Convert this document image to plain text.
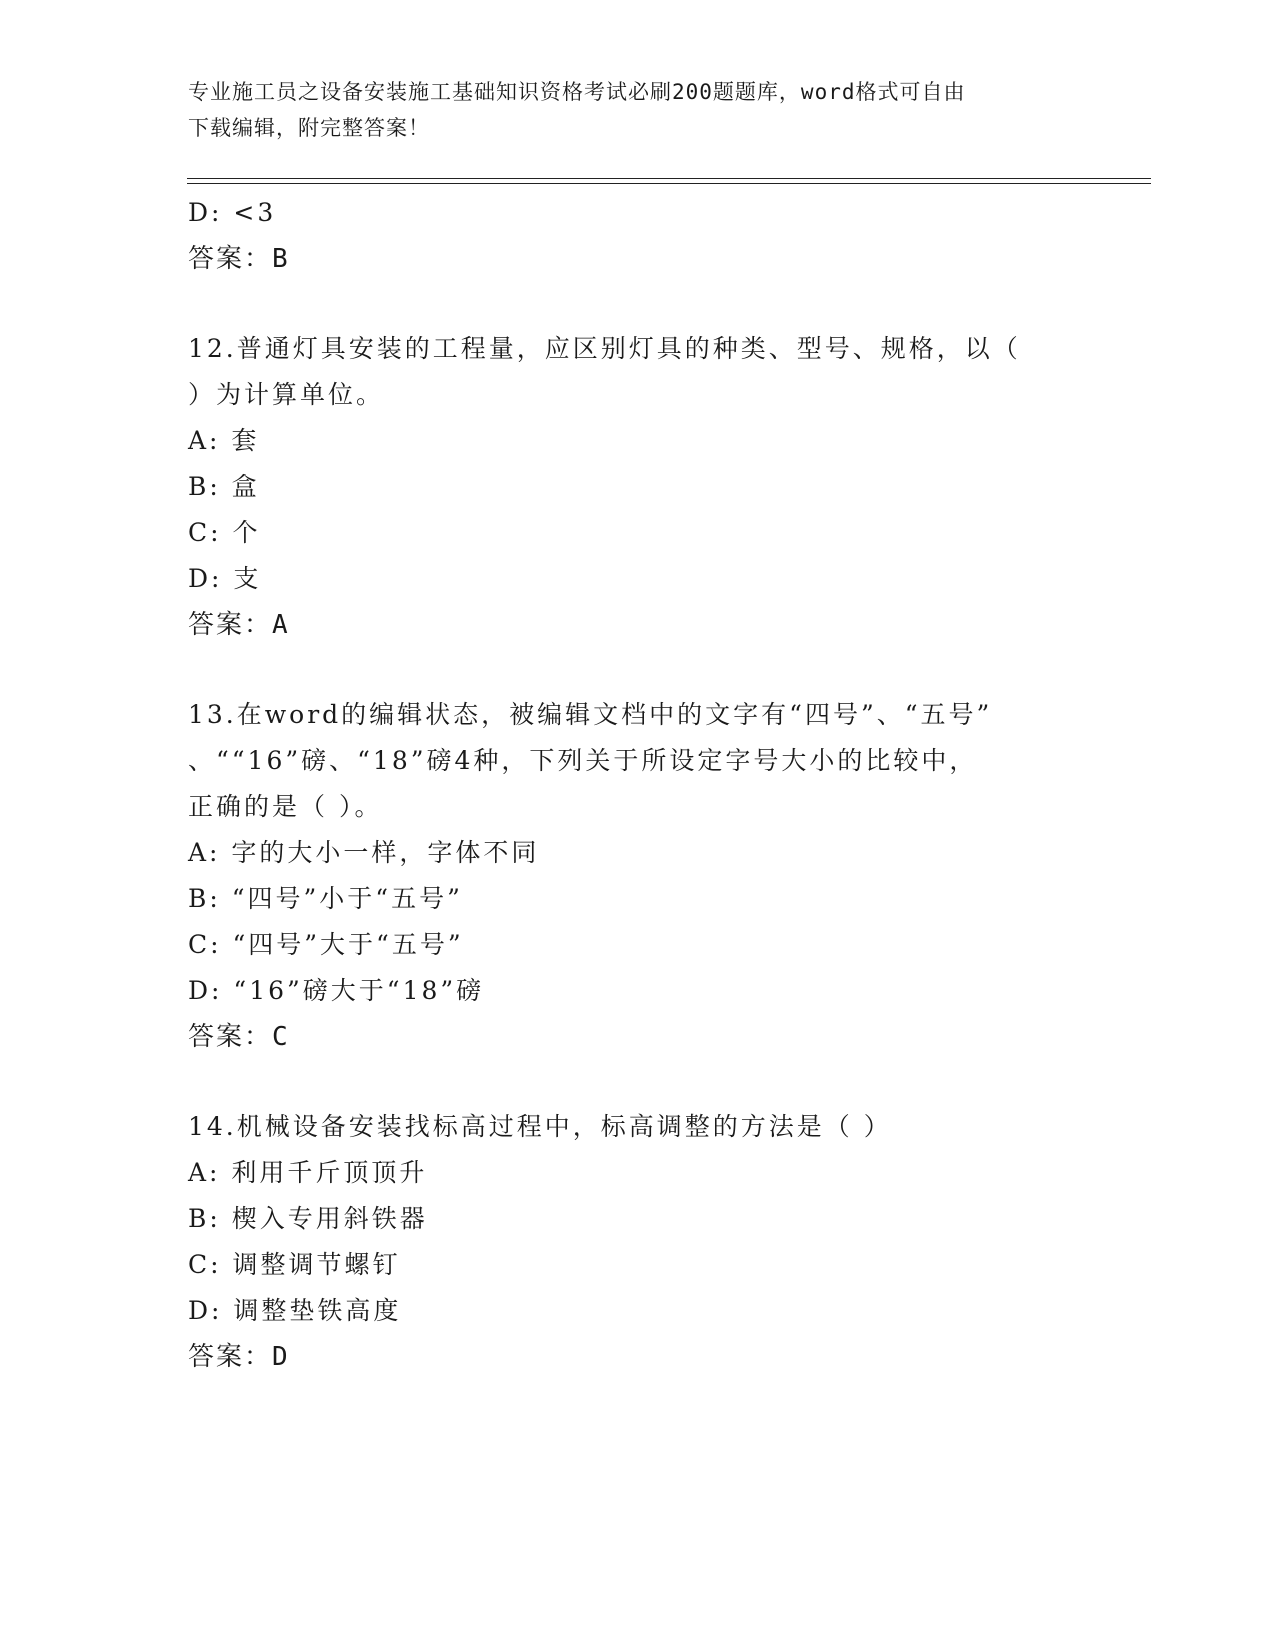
专业施工员之设备安装施工基础知识资格考试必刷200题题库，word格式可自由
下载编辑，附完整答案！
D: <3
答案：B
12.普通灯具安装的工程量，应区别灯具的种类、型号、规格，以（
）为计算单位。
A: 套
B: 盒
C: 个
D: 支
答案：A
13.在word的编辑状态，被编辑文档中的文字有“四号”、“五号”
、““16”磅、“18”磅4种，下列关于所设定字号大小的比较中，
正确的是（ ）。
A: 字的大小一样，字体不同
B: “四号”小于“五号”
C: “四号”大于“五号”
D: “16”磅大于“18”磅
答案：C
14.机械设备安装找标高过程中，标高调整的方法是（ ）
A: 利用千斤顶顶升
B: 楔入专用斜铁器
C: 调整调节螺钉
D: 调整垫铁高度
答案：D
